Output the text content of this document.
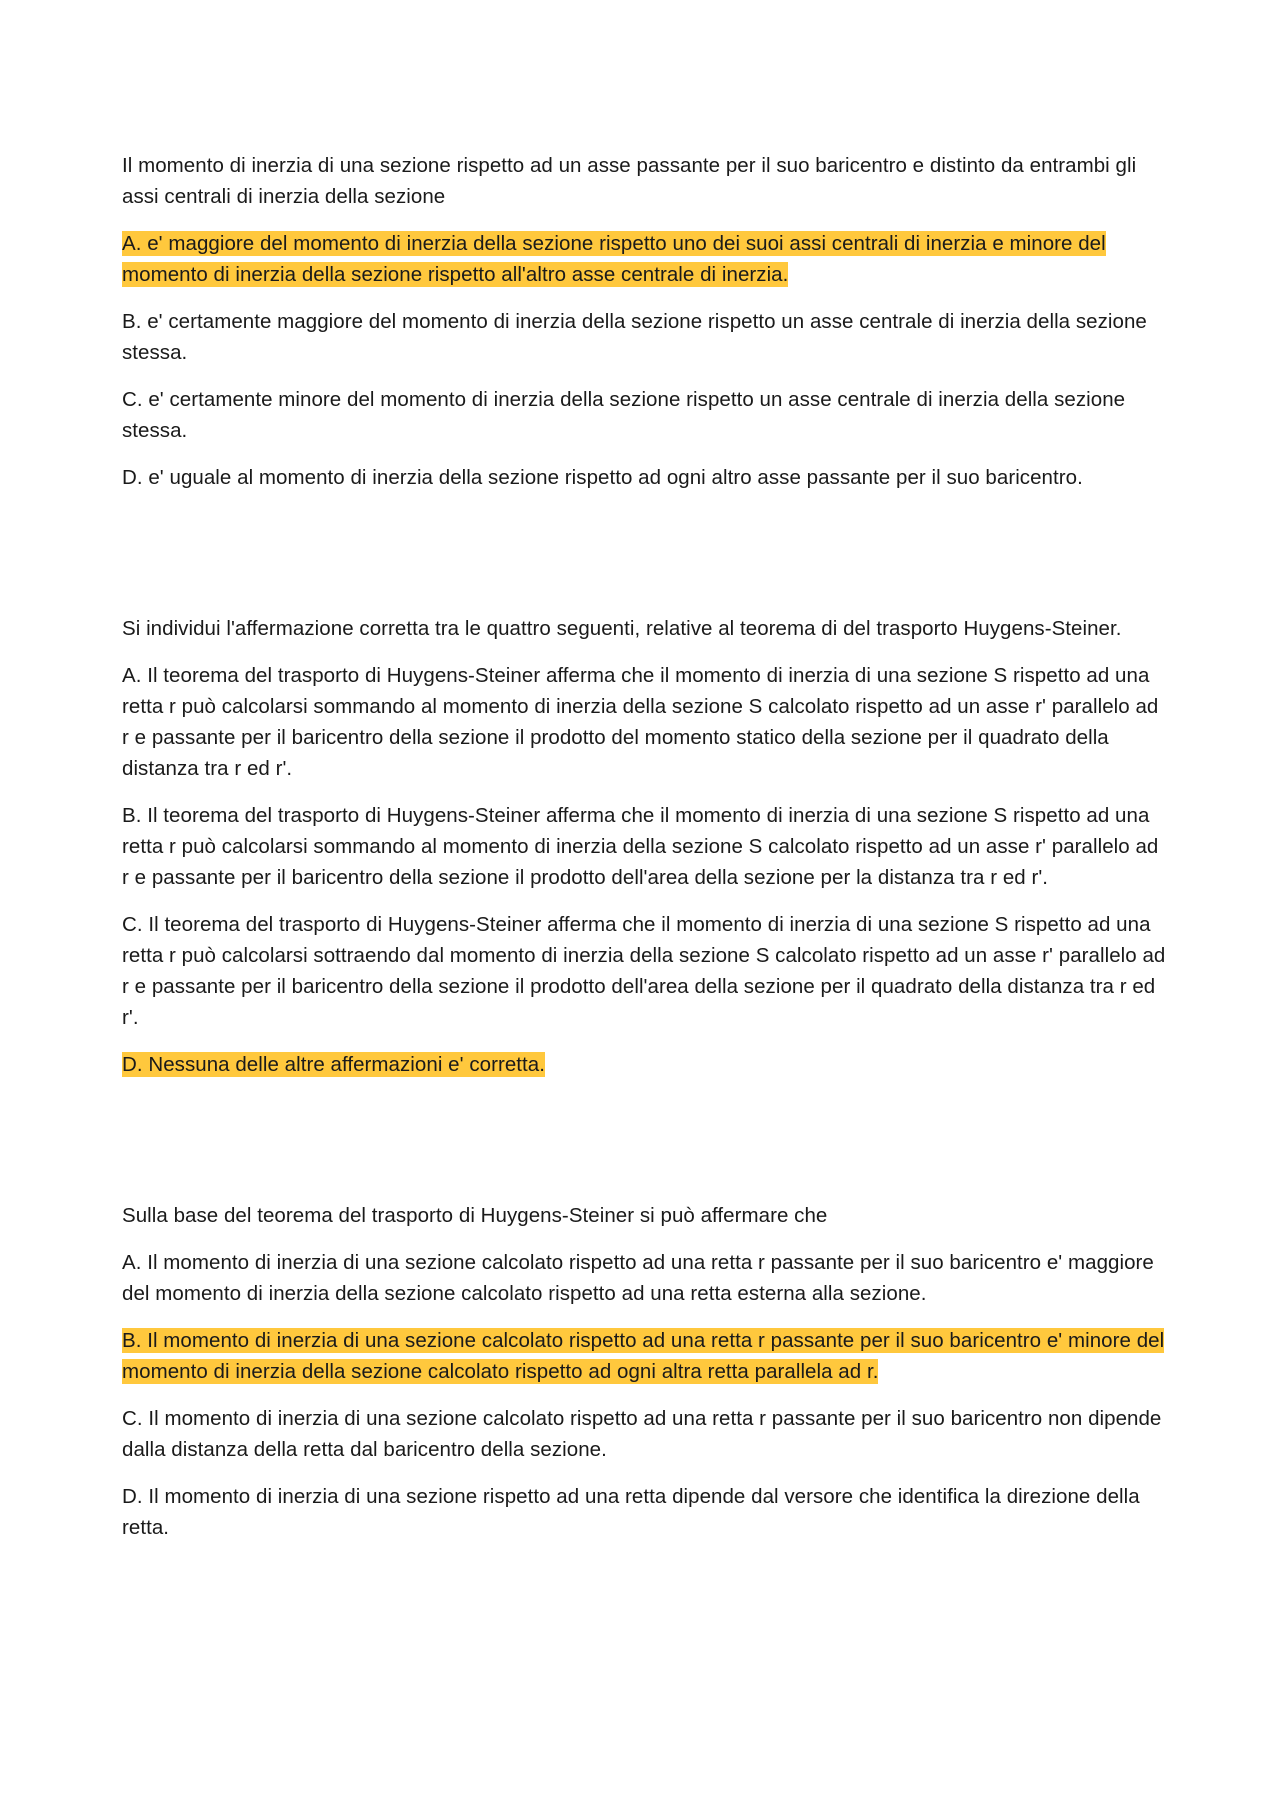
Il momento di inerzia di una sezione rispetto ad un asse passante per il suo baricentro e distinto da entrambi gli assi centrali di inerzia della sezione

A. e' maggiore del momento di inerzia della sezione rispetto uno dei suoi assi centrali di inerzia e minore del momento di inerzia della sezione rispetto all'altro asse centrale di inerzia.

B. e' certamente maggiore del momento di inerzia della sezione rispetto un asse centrale di inerzia della sezione stessa.

C. e' certamente minore del momento di inerzia della sezione rispetto un asse centrale di inerzia della sezione stessa.

D. e' uguale al momento di inerzia della sezione rispetto ad ogni altro asse passante per il suo baricentro.

Si individui l'affermazione corretta tra le quattro seguenti, relative al teorema di del trasporto Huygens-Steiner.

A. Il teorema del trasporto di Huygens-Steiner afferma che il momento di inerzia di una sezione S rispetto ad una retta r può calcolarsi sommando al momento di inerzia della sezione S calcolato rispetto ad un asse r' parallelo ad r e passante per il baricentro della sezione il prodotto del momento statico della sezione per il quadrato della distanza tra r ed r'.

B. Il teorema del trasporto di Huygens-Steiner afferma che il momento di inerzia di una sezione S rispetto ad una retta r può calcolarsi sommando al momento di inerzia della sezione S calcolato rispetto ad un asse r' parallelo ad r e passante per il baricentro della sezione il prodotto dell'area della sezione per la distanza tra r ed r'.

C. Il teorema del trasporto di Huygens-Steiner afferma che il momento di inerzia di una sezione S rispetto ad una retta r può calcolarsi sottraendo dal momento di inerzia della sezione S calcolato rispetto ad un asse r' parallelo ad r e passante per il baricentro della sezione il prodotto dell'area della sezione per il quadrato della distanza tra r ed r'.

D. Nessuna delle altre affermazioni e' corretta.

Sulla base del teorema del trasporto di Huygens-Steiner si può affermare che

A. Il momento di inerzia di una sezione calcolato rispetto ad una retta r passante per il suo baricentro e' maggiore del momento di inerzia della sezione calcolato rispetto ad una retta esterna alla sezione.

B. Il momento di inerzia di una sezione calcolato rispetto ad una retta r passante per il suo baricentro e' minore del momento di inerzia della sezione calcolato rispetto ad ogni altra retta parallela ad r.

C. Il momento di inerzia di una sezione calcolato rispetto ad una retta r passante per il suo baricentro non dipende dalla distanza della retta dal baricentro della sezione.

D. Il momento di inerzia di una sezione rispetto ad una retta dipende dal versore che identifica la direzione della retta.
